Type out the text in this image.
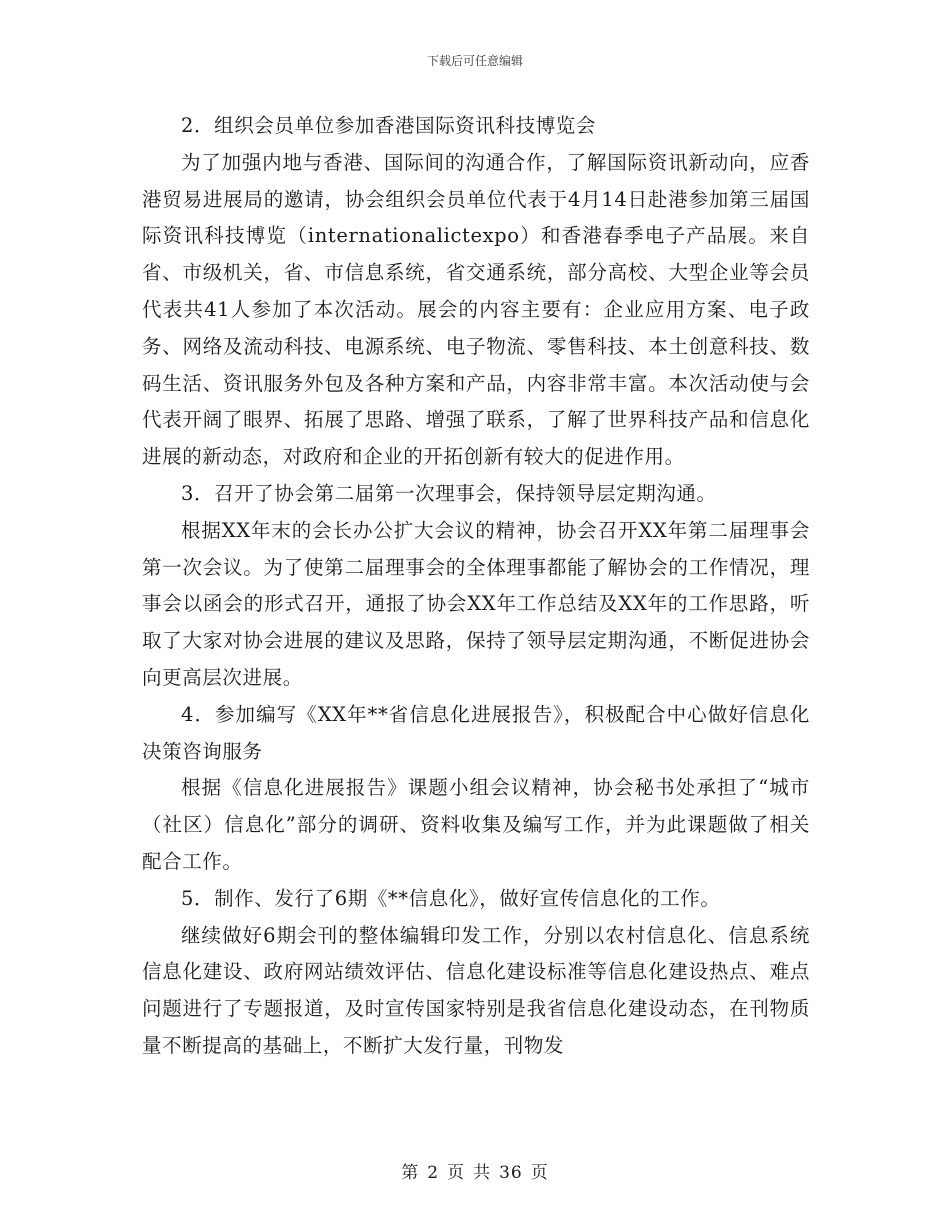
下载后可任意编辑

2．组织会员单位参加香港国际资讯科技博览会

为了加强内地与香港、国际间的沟通合作，了解国际资讯新动向，应香港贸易进展局的邀请，协会组织会员单位代表于4月14日赴港参加第三届国际资讯科技博览（internationalictexpo）和香港春季电子产品展。来自省、市级机关，省、市信息系统，省交通系统，部分高校、大型企业等会员代表共41人参加了本次活动。展会的内容主要有：企业应用方案、电子政务、网络及流动科技、电源系统、电子物流、零售科技、本土创意科技、数码生活、资讯服务外包及各种方案和产品，内容非常丰富。本次活动使与会代表开阔了眼界、拓展了思路、增强了联系，了解了世界科技产品和信息化进展的新动态，对政府和企业的开拓创新有较大的促进作用。

3．召开了协会第二届第一次理事会，保持领导层定期沟通。

根据XX年末的会长办公扩大会议的精神，协会召开XX年第二届理事会第一次会议。为了使第二届理事会的全体理事都能了解协会的工作情况，理事会以函会的形式召开，通报了协会XX年工作总结及XX年的工作思路，听取了大家对协会进展的建议及思路，保持了领导层定期沟通，不断促进协会向更高层次进展。

4．参加编写《XX年**省信息化进展报告》，积极配合中心做好信息化决策咨询服务

根据《信息化进展报告》课题小组会议精神，协会秘书处承担了“城市（社区）信息化”部分的调研、资料收集及编写工作，并为此课题做了相关配合工作。

5．制作、发行了6期《**信息化》，做好宣传信息化的工作。

继续做好6期会刊的整体编辑印发工作，分别以农村信息化、信息系统信息化建设、政府网站绩效评估、信息化建设标准等信息化建设热点、难点问题进行了专题报道，及时宣传国家特别是我省信息化建设动态，在刊物质量不断提高的基础上，不断扩大发行量，刊物发

第 2 页 共 36 页
